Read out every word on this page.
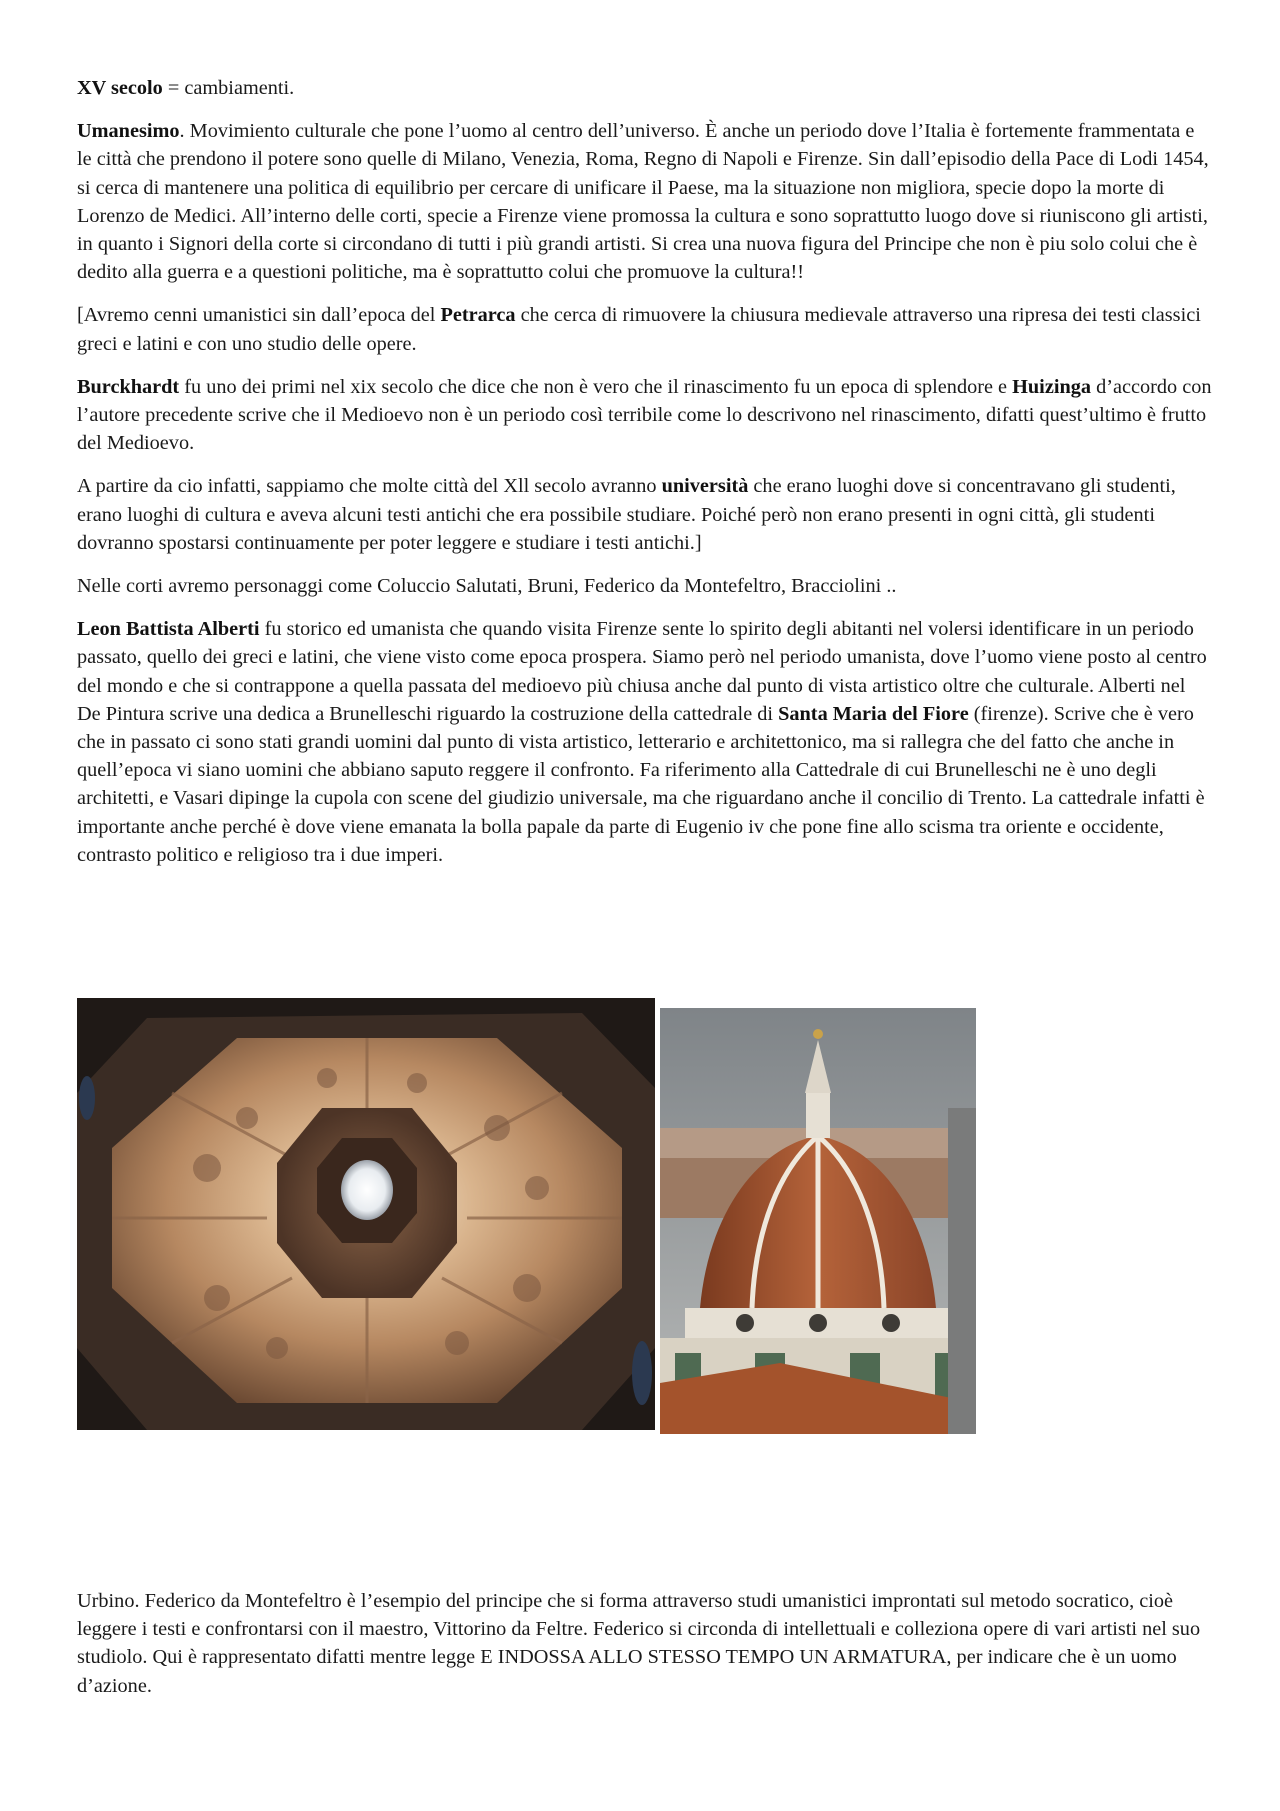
XV secolo = cambiamenti.

Umanesimo. Movimiento culturale che pone l’uomo al centro dell’universo. È anche un periodo dove l’Italia è fortemente frammentata e le città che prendono il potere sono quelle di Milano, Venezia, Roma, Regno di Napoli e Firenze. Sin dall’episodio della Pace di Lodi 1454, si cerca di mantenere una politica di equilibrio per cercare di unificare il Paese, ma la situazione non migliora, specie dopo la morte di Lorenzo de Medici. All’interno delle corti, specie a Firenze viene promossa la cultura e sono soprattutto luogo dove si riuniscono gli artisti, in quanto i Signori della corte si circondano di tutti i più grandi artisti. Si crea una nuova figura del Principe che non è piu solo colui che è dedito alla guerra e a questioni politiche, ma è soprattutto colui che promuove la cultura!!

[Avremo cenni umanistici sin dall’epoca del Petrarca che cerca di rimuovere la chiusura medievale attraverso una ripresa dei testi classici greci e latini e con uno studio delle opere.

Burckhardt fu uno dei primi nel xix secolo che dice che non è vero che il rinascimento fu un epoca di splendore e Huizinga d’accordo con l’autore precedente scrive che il Medioevo non è un periodo così terribile come lo descrivono nel rinascimento, difatti quest’ultimo è frutto del Medioevo.

A partire da cio infatti, sappiamo che molte città del Xll secolo avranno università che erano luoghi dove si concentravano gli studenti, erano luoghi di cultura e aveva alcuni testi antichi che era possibile studiare. Poiché però non erano presenti in ogni città, gli studenti dovranno spostarsi continuamente per poter leggere e studiare i testi antichi.]

Nelle corti avremo personaggi come Coluccio Salutati, Bruni, Federico da Montefeltro, Bracciolini ..

Leon Battista Alberti fu storico ed umanista che quando visita Firenze sente lo spirito degli abitanti nel volersi identificare in un periodo passato, quello dei greci e latini, che viene visto come epoca prospera. Siamo però nel periodo umanista, dove l’uomo viene posto al centro del mondo e che si contrappone a quella passata del medioevo più chiusa anche dal punto di vista artistico oltre che culturale. Alberti nel De Pintura scrive una dedica a Brunelleschi riguardo la costruzione della cattedrale di Santa Maria del Fiore (firenze). Scrive che è vero che in passato ci sono stati grandi uomini dal punto di vista artistico, letterario e architettonico, ma si rallegra che del fatto che anche in quell’epoca vi siano uomini che abbiano saputo reggere il confronto. Fa riferimento alla Cattedrale di cui Brunelleschi ne è uno degli architetti, e Vasari dipinge la cupola con scene del giudizio universale, ma che riguardano anche il concilio di Trento. La cattedrale infatti è importante anche perché è dove viene emanata la bolla papale da parte di Eugenio iv che pone fine allo scisma tra oriente e occidente, contrasto politico e religioso tra i due imperi.

Urbino. Federico da Montefeltro è l’esempio del principe che si forma attraverso studi umanistici improntati sul metodo socratico, cioè leggere i testi e confrontarsi con il maestro, Vittorino da Feltre. Federico si circonda di intellettuali e colleziona opere di vari artisti nel suo studiolo. Qui è rappresentato difatti mentre legge E INDOSSA ALLO STESSO TEMPO UN ARMATURA, per indicare che è un uomo d’azione.
